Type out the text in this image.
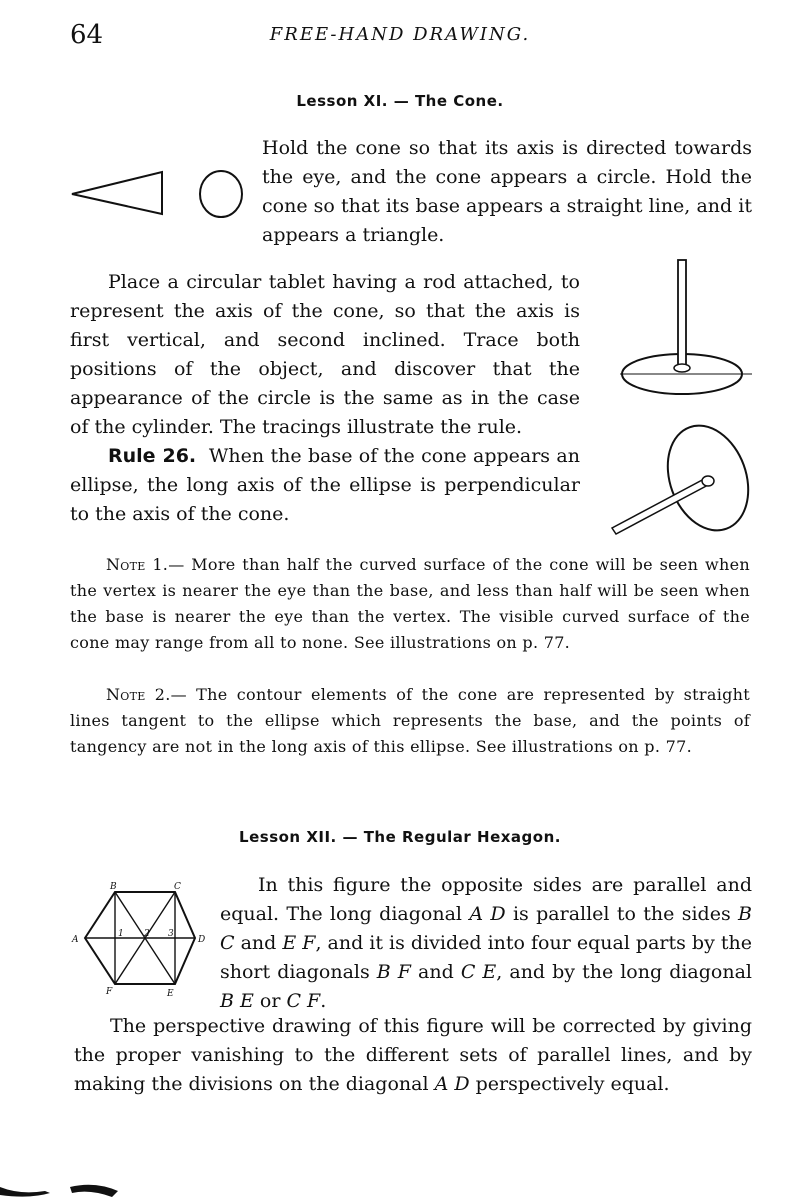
64	FREE-HAND DRAWING.
Lesson XI. — The Cone.
Hold the cone so that its axis is directed towards the eye, and the cone appears a circle. Hold the cone so that its base appears a straight line, and it appears a triangle.
Place a circular tablet having a rod attached, to represent the axis of the cone, so that the axis is first vertical, and second inclined. Trace both positions of the object, and discover that the appearance of the circle is the same as in the case of the cylinder. The tracings illustrate the rule.
Rule 26. When the base of the cone appears an ellipse, the long axis of the ellipse is perpendicular to the axis of the cone.
Note 1.— More than half the curved surface of the cone will be seen when the vertex is nearer the eye than the base, and less than half will be seen when the base is nearer the eye than the vertex. The visible curved surface of the cone may range from all to none. See illustrations on p. 77.
Note 2.— The contour elements of the cone are represented by straight lines tangent to the ellipse which represents the base, and the points of tangency are not in the long axis of this ellipse. See illustrations on p. 77.
Lesson XII. — The Regular Hexagon.
A
B	C
D
E
F
1 2 3
In this figure the opposite sides are parallel and equal. The long diagonal A D is parallel to the sides B C and E F, and it is divided into four equal parts by the short diagonals B F and C E, and by the long diagonal B E or C F.
The perspective drawing of this figure will be corrected by giving the proper vanishing to the different sets of parallel lines, and by making the divisions on the diagonal A D perspectively equal.
